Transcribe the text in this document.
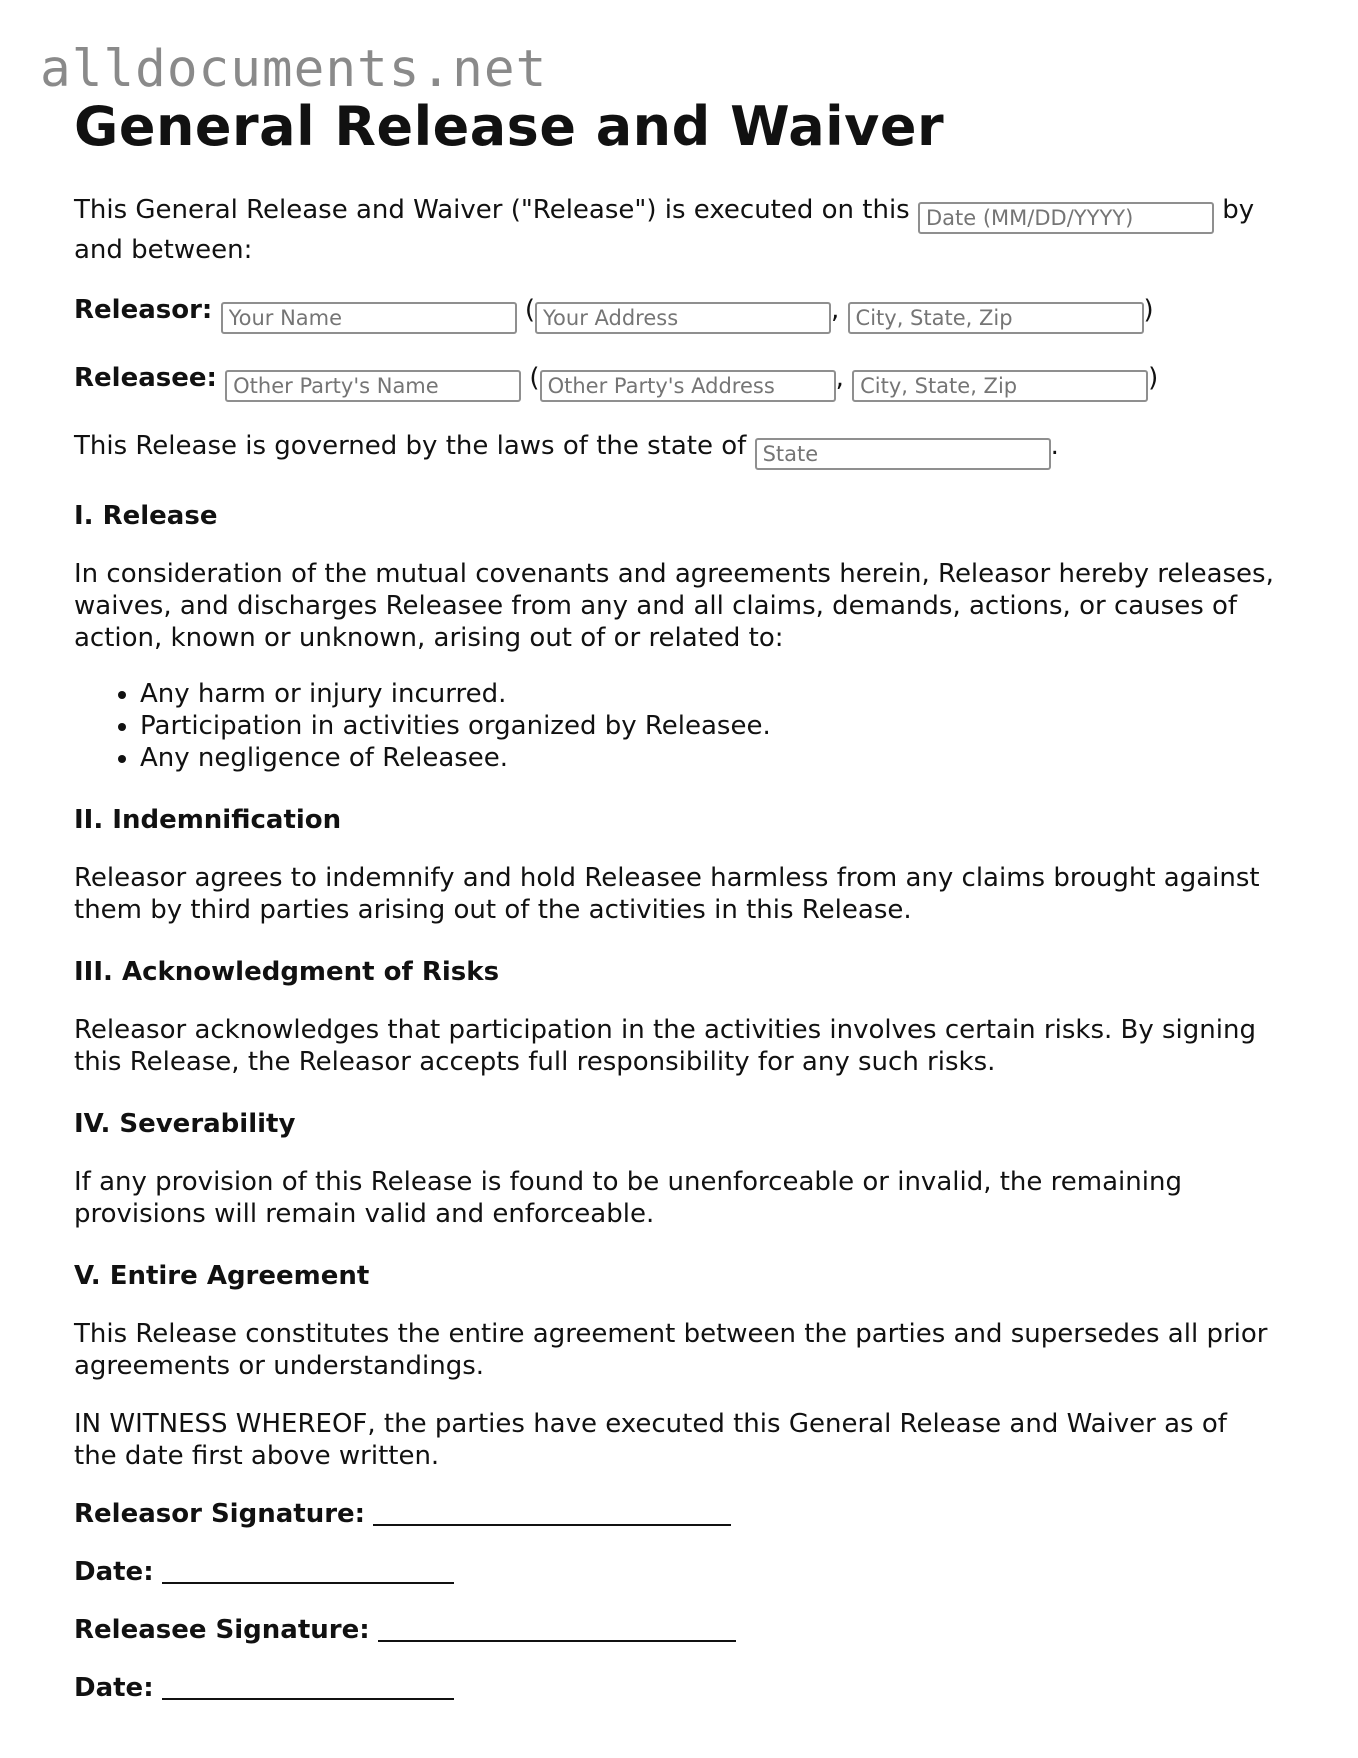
alldocuments.net
General Release and Waiver

This General Release and Waiver ("Release") is executed on this Date (MM/DD/YYYY)	by and between:

Releasor: Your Name	( Your Address	, City, State, Zip	)
Releasee: Other Party's Name	( Other Party's Address	, City, State, Zip	)

This Release is governed by the laws of the state of State	.

I. Release

In consideration of the mutual covenants and agreements herein, Releasor hereby releases, waives, and discharges Releasee from any and all claims, demands, actions, or causes of action, known or unknown, arising out of or related to:

• Any harm or injury incurred.
• Participation in activities organized by Releasee.
• Any negligence of Releasee.
II. Indemnification

Releasor agrees to indemnify and hold Releasee harmless from any claims brought against them by third parties arising out of the activities in this Release.

III. Acknowledgment of Risks

Releasor acknowledges that participation in the activities involves certain risks. By signing this Release, the Releasor accepts full responsibility for any such risks.

IV. Severability

If any provision of this Release is found to be unenforceable or invalid, the remaining provisions will remain valid and enforceable.

V. Entire Agreement

This Release constitutes the entire agreement between the parties and supersedes all prior agreements or understandings.

IN WITNESS WHEREOF, the parties have executed this General Release and Waiver as of the date first above written.

Releasor Signature:
Date:
Releasee Signature:
Date:
